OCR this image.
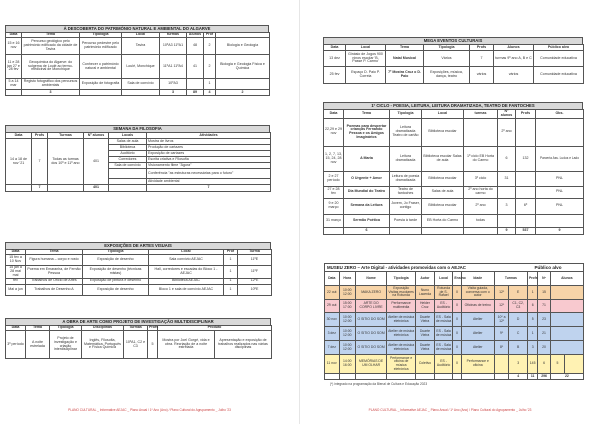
À DESCOBERTA DO PATRIMÓNIO NATURAL E AMBIENTAL DO ALGARVE
Data	Tema	Tipologia	Local	turmas	Alunos	Prof	
15 e 16 nov	Percurso geológico pelo património edificado da cidade de Tavira	Percurso pedestre pelo património edificado	Tavira	10ºA3 11ºA1	48	2	Biologia e Geologia
11 e 28 jan 27 e 28 fev	Geoquímica do Algarve: do sulgema de Loulé ao termo-médicinal de Monchique	Conhecer o património natural e ambiental	Loulé, Monchique	11ºA1 11ºA4	41	2	Biologia e Geologia Física e Química
5 a 14 mar	Registo fotográfico dos percursos ambientais	Exposição de fotografia	Sala de convívio	10ºA3		1	
	3			3	89	4	2
SEMANA DA FILOSOFIA
Data	Profs	Turmas	Nº alunos	Locais	Atividades
14 a 18 de nov '21	7	Todas as turmas dos 10º e 11º ano	401	Salas de aula	Mostra de livros
				Biblioteca	Produção de cartazes
				Auditório	Exposição de cartazes
				Corredores	Escrita criativa e Filosofia
				Sala de convívio	Visionamento filme "Ágora"
					Conferência "as estruturas necessárias para o futuro"
					Atividade ambiental
	7		401		7
EXPOSIÇÕES DE ARTES VISUAIS
Data	Tema	Tipologia	Local	Prof	Turma
15 fev a 10 Nov	Figura humana – corpo e rosto	Exposição de desenho	Sala convívio AEJAC	1	11ºE
15 jan a 28 mai mai	Poema em Emaranha, de Fernão Pessoa	Exposição de desenho (técnicas mistas)	Hall, corredores e escadas do Bloco 1 - AEJAC	1	11ºF
fev	Trabalhos de Ofício de Artes	Exposição de pintura e desenho	Biblioteca AEJAC	1	12ºE
Mai a jun	Trabalhos de Desenho A	Exposição de desenho	Bloco 1 e sala de convívio AEJAC	1	10ºE
A OBRA DE ARTE COMO PROJETO DE INVESTIGAÇÃO MULTIDISCIPLINAR
Data	Tema	Tipologia	Disciplinas	Turmas	Profs	Produto	
3º período	A noite estrelada	Projeto de investigação e criação interdisciplinar	Inglês, Filosofia, Matemática, Português e Física Química	10ºA1, C2 e C3	5	Mostra por Joel Gorgé, vida e obra. Recriação de a noite estrelada	Apresentação e exposição de trabalhos realizados nas várias disciplinas
PLANO CULTURAL _ Informative AEJAC _ Plano Anual / 1º Ano (Ano) / Plano Cultural do Agrupamento _ Julho '23
MEGA EVENTOS CULTURAIS
Data	Local	Tema	Tipologia	Profs	Alunos	Público alvo
13 dez	Ginásio de Jogos 900 ninos escolar 'B. Passe P. Carmo'	Natal Musical	Vários	7	turmas 9º ano A, B e C	Comunidade educativa
25 fev	Espaço D. Paio P. Correia	7º Mostra Cruz o D. Paio	Exposições, música, dança, teatro	vários	vários	Comunidade educativa
1º CICLO - POESIA, LEITURA, LEITURA DRAMATIZADA, TEATRO DE FANTOCHES
Data	Tema	Tipologia	Local	turmas	Nº alunos	Profs	Obs.
22,29 e 29 nov	Poemas para despertar crianças Fernando Pessoa e os Amigos Imaginários	Leitura dramatizada Teatro de cartão	Biblioteca escolar		2º ano		
1, 2, 7, 13, 15, 24, 28 nov	A Maria	Leitura dramatizada	Biblioteca escolar Salas de aula	1º ciclo EB Horta do Carmo	6	132	Parceria Ass. Ludus e Lado
2 e 27 período	O Urgente + Amor	Leitura de poesia dramatizada	Biblioteca escolar	3º ciclo	31		PNL
27 e 28 fev	Dia Mundial do Teatro	Teatro de fantoches	Salas de aula	2º ano horta do carmo			PNL
9 e 20 março	Semana da Leitura	Jovem, Jo Fraser, contigo	Biblioteca escolar	2º ano	3	6º	PNL
31 março	Sermão Poética	Poesia à tarde	EB Horta do Carmo	todas			
	6				9	537	9
MUSEU ZERO – Arte Digital - atividades promovidas com o AEJAC	Público alvo
Data	Hora	Nome	Tipologia	Autor	Local	Ensino	Idade	Turmas		Profs	Nº	Alunos	
22 out	10:00 12:00	MAKA ZERO	Exposição Visitas escolares na Rotunda	Nuno Lacerda	Rotunda de S. Rafael	X	Visita guiada, conversa com o autor	12º	E	1	15		
29 out	15:00 17:00	ARTE DO CORPO LIVRE	Performance multimédia	Helder Cruz	ES - Auditório	X	Oficinas de treino	12º	C1, C2, C3	6	71		
30 nov	10:00 12:00	O SITIO DO SOM	Atelier de música eletrónica	Duarte Vieira	ES - Sala de música	X	Atelier	10º a 12º	D	5	23		
3 dez	10:00 12:00	O SITIO DO SOM	Atelier de música eletrónica	Duarte Vieira	ES - Sala de música	X	Atelier	9º	C	1	21		
7 dez	10:00 12:00	O SITIO DO SOM	Atelier de música eletrónica	Duarte Vieira	ES - Sala de música	X	Atelier	8º	B	3	20		
11 nov	14:00 16:00	MEMÓRIAS DE UM OLHAR	Performance e oficina de música eletrónica	Coletivo	ES - Auditório	X	Performance e oficina		3	145	6	5	
									4	11	296	22	
(*) integrado na programação da Bienal de Cultura e Educação 2023
PLANO CULTURAL _ Informative AEJAC _ Plano Anual / 1º Ano (Ano) / Plano Cultural do Agrupamento _ Julho '23
